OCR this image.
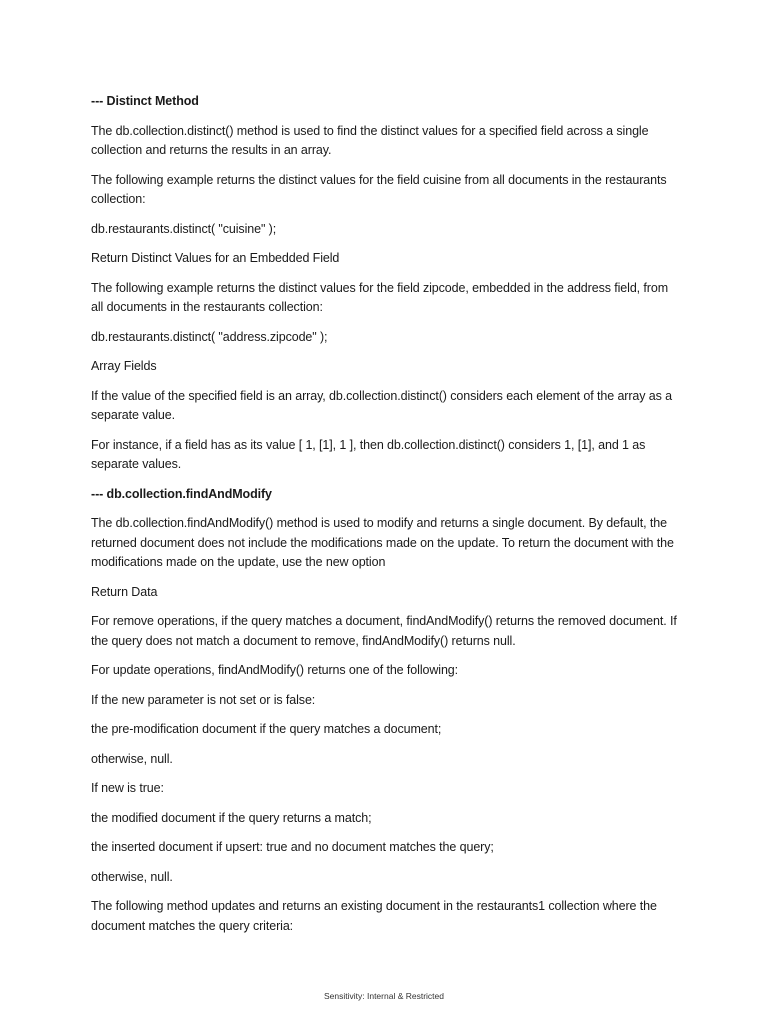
--- Distinct Method

The db.collection.distinct() method is used to find the distinct values for a specified field across a single collection and returns the results in an array.

The following example returns the distinct values for the field cuisine from all documents in the restaurants collection:

db.restaurants.distinct( "cuisine" );

Return Distinct Values for an Embedded Field

The following example returns the distinct values for the field zipcode, embedded in the address field, from all documents in the restaurants collection:

db.restaurants.distinct( "address.zipcode" );

Array Fields

If the value of the specified field is an array, db.collection.distinct() considers each element of the array as a separate value.

For instance, if a field has as its value [ 1, [1], 1 ], then db.collection.distinct() considers 1, [1], and 1 as separate values.

--- db.collection.findAndModify

The db.collection.findAndModify() method is used to modify and returns a single document. By default, the returned document does not include the modifications made on the update. To return the document with the modifications made on the update, use the new option

Return Data

For remove operations, if the query matches a document, findAndModify() returns the removed document. If the query does not match a document to remove, findAndModify() returns null.

For update operations, findAndModify() returns one of the following:

If the new parameter is not set or is false:

the pre-modification document if the query matches a document;

otherwise, null.

If new is true:

the modified document if the query returns a match;

the inserted document if upsert: true and no document matches the query;

otherwise, null.

The following method updates and returns an existing document in the restaurants1 collection where the document matches the query criteria:

Sensitivity: Internal & Restricted
